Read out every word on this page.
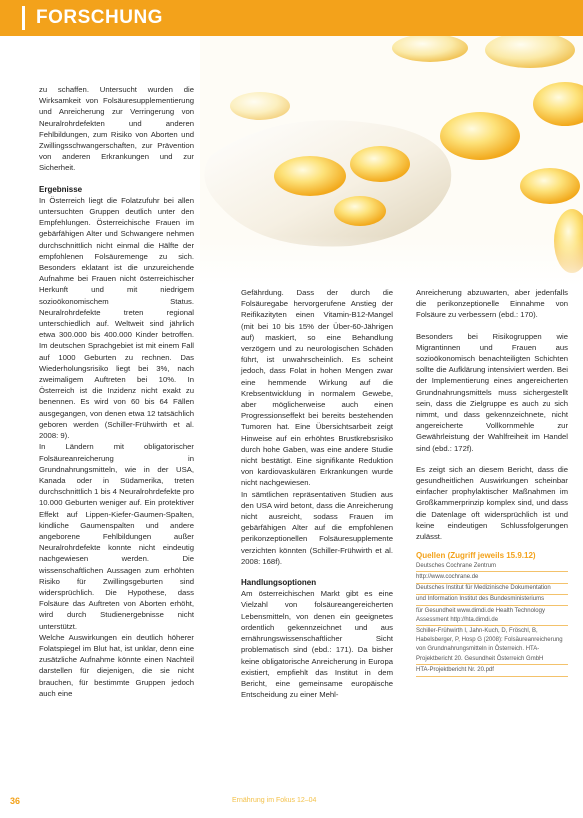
FORSCHUNG

zu schaffen. Untersucht wurden die Wirksamkeit von Folsäuresupplementierung und Anreicherung zur Verringerung von Neuralrohrdefekten und anderen Fehlbildungen, zum Risiko von Aborten und Zwillingsschwangerschaften, zur Prävention von anderen Erkrankungen und zur Sicherheit.

Ergebnisse

In Österreich liegt die Folatzufuhr bei allen untersuchten Gruppen deutlich unter den Empfehlungen. Österreichische Frauen im gebärfähigen Alter und Schwangere nehmen durchschnittlich nicht einmal die Hälfte der empfohlenen Folsäuremenge zu sich. Besonders eklatant ist die unzureichende Aufnahme bei Frauen nicht österreichischer Herkunft und mit niedrigem sozioökonomischem Status. Neuralrohrdefekte treten regional unterschiedlich auf. Weltweit sind jährlich etwa 300.000 bis 400.000 Kinder betroffen. Im deutschen Sprachgebiet ist mit einem Fall auf 1000 Geburten zu rechnen. Das Wiederholungsrisiko liegt bei 3%, nach zweimaligem Auftreten bei 10%. In Österreich ist die Inzidenz nicht exakt zu benennen. Es wird von 60 bis 64 Fällen ausgegangen, von denen etwa 12 tatsächlich geboren werden (Schiller-Frühwirth et al. 2008: 9).

In Ländern mit obligatorischer Folsäureanreicherung in Grundnahrungsmitteln, wie in der USA, Kanada oder in Südamerika, treten durchschnittlich 1 bis 4 Neuralrohrdefekte pro 10.000 Geburten weniger auf. Ein protektiver Effekt auf Lippen-Kiefer-Gaumen-Spalten, kindliche Gaumenspalten und andere angeborene Fehlbildungen außer Neuralrohrdefekte konnte nicht eindeutig nachgewiesen werden. Die wissenschaftlichen Aussagen zum erhöhten Risiko für Zwillingsgeburten sind widersprüchlich. Die Hypothese, dass Folsäure das Auftreten von Aborten erhöht, wird durch Studienergebnisse nicht unterstützt.

Welche Auswirkungen ein deutlich höherer Folatspiegel im Blut hat, ist unklar, denn eine zusätzliche Aufnahme könnte einen Nachteil darstellen für diejenigen, die sie nicht brauchen, für bestimmte Gruppen jedoch auch eine

Gefährdung. Dass der durch die Folsäuregabe hervorgerufene Anstieg der Reifikazityten einen Vitamin-B12-Mangel (mit bei 10 bis 15% der Über-60-Jährigen auf) maskiert, so eine Behandlung verzögern und zu neurologischen Schäden führt, ist unwahrscheinlich. Es scheint jedoch, dass Folat in hohen Mengen zwar eine hemmende Wirkung auf die Krebsentwicklung in normalem Gewebe, aber möglicherweise auch einen Progressionseffekt bei bereits bestehenden Tumoren hat. Eine Übersichtsarbeit zeigt Hinweise auf ein erhöhtes Brustkrebsrisiko durch hohe Gaben, was eine andere Studie nicht bestätigt. Eine signifikante Reduktion von kardiovaskulären Erkrankungen wurde nicht nachgewiesen.

In sämtlichen repräsentativen Studien aus den USA wird betont, dass die Anreicherung nicht ausreicht, sodass Frauen im gebärfähigen Alter auf die empfohlenen perikonzeptionellen Folsäuresupplemente verzichten könnten (Schiller-Frühwirth et al. 2008: 168f).

Handlungsoptionen

Am österreichischen Markt gibt es eine Vielzahl von folsäureangereicherten Lebensmitteln, von denen ein geeignetes ordentlich gekennzeichnet und aus ernährungswissenschaftlicher Sicht problematisch sind (ebd.: 171). Da bisher keine obligatorische Anreicherung in Europa existiert, empfiehlt das Institut in dem Bericht, eine gemeinsame europäische Entscheidung zu einer Mehl-

Anreicherung abzuwarten, aber jedenfalls die perikonzeptionelle Einnahme von Folsäure zu verbessern (ebd.: 170).

Besonders bei Risikogruppen wie Migrantinnen und Frauen aus sozioökonomisch benachteiligten Schichten sollte die Aufklärung intensiviert werden. Bei der Implementierung eines angereicherten Grundnahrungsmittels muss sichergestellt sein, dass die Zielgruppe es auch zu sich nimmt, und dass gekennzeichnete, nicht angereicherte Vollkornmehle zur Gewährleistung der Wahlfreiheit im Handel sind (ebd.: 172f).

Es zeigt sich an diesem Bericht, dass die gesundheitlichen Auswirkungen scheinbar einfacher prophylaktischer Maßnahmen im Großkammerprinzip komplex sind, und dass die Datenlage oft widersprüchlich ist und keine eindeutigen Schlussfolgerungen zulässt.

Quellen (Zugriff jeweils 15.9.12)
Deutsches Cochrane Zentrum
http://www.cochrane.de
Deutsches Institut für Medizinische Dokumentation
und Information Institut des Bundesministeriums
für Gesundheit www.dimdi.de Health Technology Assessment http://hta.dimdi.de
Schiller-Frühwirth I, Jahn-Kuch, D, Fröschl, B, Habelsberger, P, Hosp G (2008): Folsäureanreicherung von Grundnahrungsmitteln in Österreich. HTA-Projektbericht 20. Gesundheit Österreich GmbH
HTA-Projektbericht Nr. 20.pdf
36	Ernährung im Fokus 12–04
